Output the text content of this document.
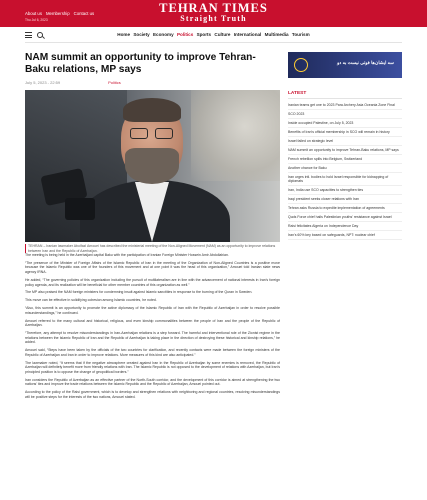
About us Membership Contact us
Thu Jul 6, 2023
TEHRAN TIMES
Straight Truth
Home Society Economy Politics Sports Culture International Multimedia Tourism
NAM summit an opportunity to improve Tehran-Baku relations, MP says
July 5, 2023 - 22:59	Politics
TEHRAN – Iranian lawmaker Abolfazl Amouei has described the ministerial meeting of the Non-Aligned Movement (NAM) as an opportunity to improve relations between Iran and the Republic of Azerbaijan.

The meeting is being held in the Azerbaijani capital Baku with the participation of Iranian Foreign Minister Hossein Amir Abdollahian.

“The presence of the Minister of Foreign Affairs of the Islamic Republic of Iran in the meeting of the Organization of Non-Aligned Countries is a positive move because the Islamic Republic was one of the founders of this movement and at one point it was the head of this organization,” Amouei told Iranian state news agency IRNA.

He added, “The governing policies of this organization including the pursuit of multilateralism are in line with the advancement of national interests in Iran's foreign policy agenda, and its realization will be beneficial for other member countries of this organization as well.”

The MP also praised the NAM foreign ministers for condemning insult against Islamic sanctities in response to the burning of the Quran in Sweden.

This move can be effective in solidifying cohesion among Islamic countries, he noted.

“Also, this summit is an opportunity to promote the active diplomacy of the Islamic Republic of Iran with the Republic of Azerbaijan in order to resolve possible misunderstandings,” he continued.

Amouei referred to the many cultural and historical, religious, and even kinship commonalities between the people of Iran and the people of the Republic of Azerbaijan.

“Therefore, any attempt to resolve misunderstandings in Iran-Azerbaijan relations is a step forward. The harmful and interventional role of the Zionist regime in the relations between the Islamic Republic of Iran and the Republic of Azerbaijan is taking place in the direction of destroying these historical and kinship relations,” he added.

Amouei said, “Steps have been taken by the officials of the two countries for clarification, and recently contacts were made between the foreign ministers of the Republic of Azerbaijan and Iran in order to improve relations. More measures of this kind are also anticipated.”

The lawmaker noted, “It seems that if the negative atmosphere created against Iran in the Republic of Azerbaijan by some enemies is removed, the Republic of Azerbaijan will definitely benefit more from friendly relations with Iran. The Islamic Republic is not opposed to the development of relations with Azerbaijan, but Iran's principled position is to oppose the change of geopolitical borders.”

Iran considers the Republic of Azerbaijan as an effective partner of the North-South corridor, and the development of this corridor is aimed at strengthening the two nations' ties and improve the trade relations between the Islamic Republic and the Republic of Azerbaijan, Amouei pointed out.

According to the policy of the Raisi government, which is to develop and strengthen relations with neighboring and regional countries, resolving misunderstandings will be positive steps for the interests of the two nations, Amouei stated.

سه ایشان‌ها فوتی نیست به دو
LATEST
Iranian teams get one to 2023 Para Archery Asia Oceania Zone Final
SCO 2023
Inside occupied Palestine, on July 5, 2023
Benefits of Iran's official membership in SCO will remain in history
Israel failed on strategic level
NAM summit an opportunity to improve Tehran-Baku relations, MP says
French rebellion spills into Belgium, Switzerland
Another chance for Baku
Iran urges intl. bodies to hold Israel responsible for kidnapping of diplomats
Iran, India use SCO capacities to strengthen ties
Iraqi president seeks closer relations with Iran
Tehran asks Russia to expedite implementation of agreements
Quds Force chief hails Palestinian youths' resistance against Israel
Raisi felicitates Algeria on Independence Day
Iran's 60% key based on safeguards, NPT: nuclear chief
